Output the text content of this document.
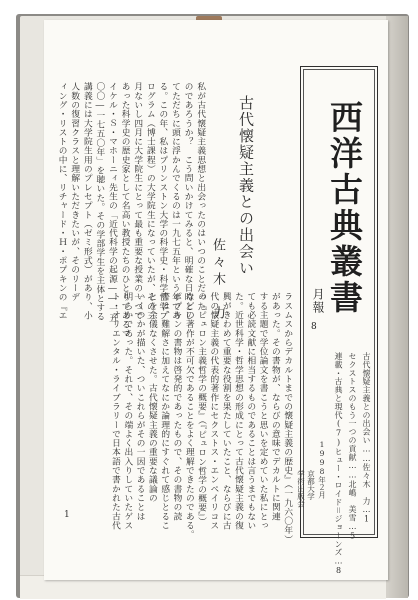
西洋古典叢書
月報
8
古代懐疑主義との出会い……佐々木　力…1
セクストスのもう一つの貢献……北嶋　美雪…5
連載・古典と現代(7)ヒュー・ロイド＝ジョーンズ…8
1998年２月
京都大学
学術出版会
ラスムスからデカルトまでの懐疑主義の歴史』（一九六〇年）
があった。その書物が、ならびの意味でデカルトに関連
する主題で学位論文を書こうと思いを定めていた私にとっ
ても必読文献に相当するものであることは言うまでもない
た。近世科学・哲学思想の形成にとって古代懐疑主義の復
興がきわめて重要な役割を果たしていたこと、ならびに古
代の懐疑主義の代表的著作にセクストス・エンペイリコス
の『ピュロン主義哲学の概要』（『ピュロン哲学の概要』）
などの著作が不可欠であることをよく理解できたのである。
ポプキンの書物は啓発的であったもので、その書物の読
書は、難解さに加えてなにか論理的にすぐれて感じとるこ
とを余儀なくさせた。古代懐疑主義の重要な議論の
いくつかが描いた、ついこれらがその一因であることは
明らかであった。それで、その端よく出入りしていたゲス
ト・オリエンタル・ライブラリーで日本語で書かれた古代
古代懐疑主義との出会い
佐々木　力
私が古代懐疑主義思想と出会ったのはいつのことだった
のであろうか？　こう問いかけてみると、明確な日時とし
てただちに頭に浮かんでくるのは一九七五年という年であ
る。この年、私はプリンストン大学の科学史・科学哲学プ
ログラム（博士課程）の大学院生になっていたが、その三
月ないし四月に大学院生にとって最も重要な授業の一つで
あった科学史の歴史家として名高い教授たちのひとりであるマ
イケル・Ｓ・マホーニィ先生の「近代科学の起源――一五
〇〇―一七五〇年」を聴いた。その学部学生を主体とする
講義には大学院生用のプレセプト（ゼミ形式）があり、小
人数の復習クラスと理解いただきたいが、そのリーデ
ィング・リストの中に、リチャード・Ｈ・ポプキンの『エ
1
